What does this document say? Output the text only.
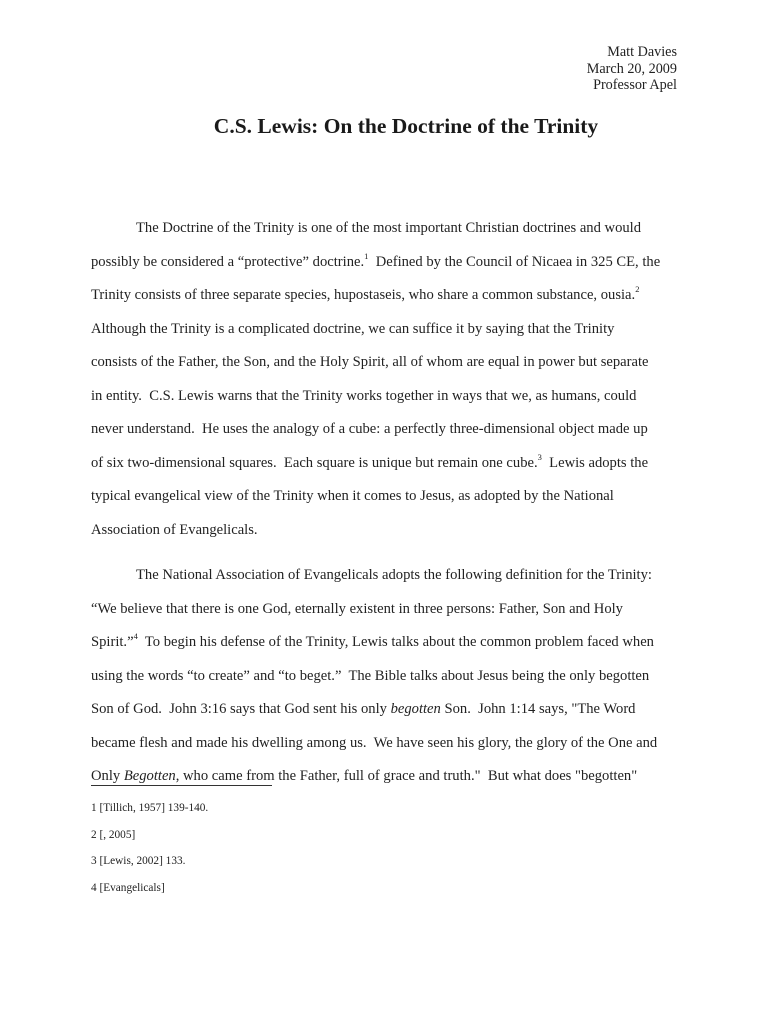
Matt Davies
March 20, 2009
Professor Apel
C.S. Lewis: On the Doctrine of the Trinity
The Doctrine of the Trinity is one of the most important Christian doctrines and would
possibly be considered a “protective” doctrine.$^1$  Defined by the Council of Nicaea in 325 CE, the
Trinity consists of three separate species, hupostaseis, who share a common substance, ousia.$^2$
Although the Trinity is a complicated doctrine, we can suffice it by saying that the Trinity
consists of the Father, the Son, and the Holy Spirit, all of whom are equal in power but separate
in entity.  C.S. Lewis warns that the Trinity works together in ways that we, as humans, could
never understand.  He uses the analogy of a cube: a perfectly three-dimensional object made up
of six two-dimensional squares.  Each square is unique but remain one cube.$^3$  Lewis adopts the
typical evangelical view of the Trinity when it comes to Jesus, as adopted by the National
Association of Evangelicals.
The National Association of Evangelicals adopts the following definition for the Trinity:
“We believe that there is one God, eternally existent in three persons: Father, Son and Holy
Spirit.”$^4$  To begin his defense of the Trinity, Lewis talks about the common problem faced when
using the words “to create” and “to beget.”  The Bible talks about Jesus being the only begotten
Son of God.  John 3:16 says that God sent his only begotten Son.  John 1:14 says, "The Word
became flesh and made his dwelling among us.  We have seen his glory, the glory of the One and
Only Begotten, who came from the Father, full of grace and truth."  But what does "begotten"
1 [Tillich, 1957] 139-140.
2 [, 2005]
3 [Lewis, 2002] 133.
4 [Evangelicals]
